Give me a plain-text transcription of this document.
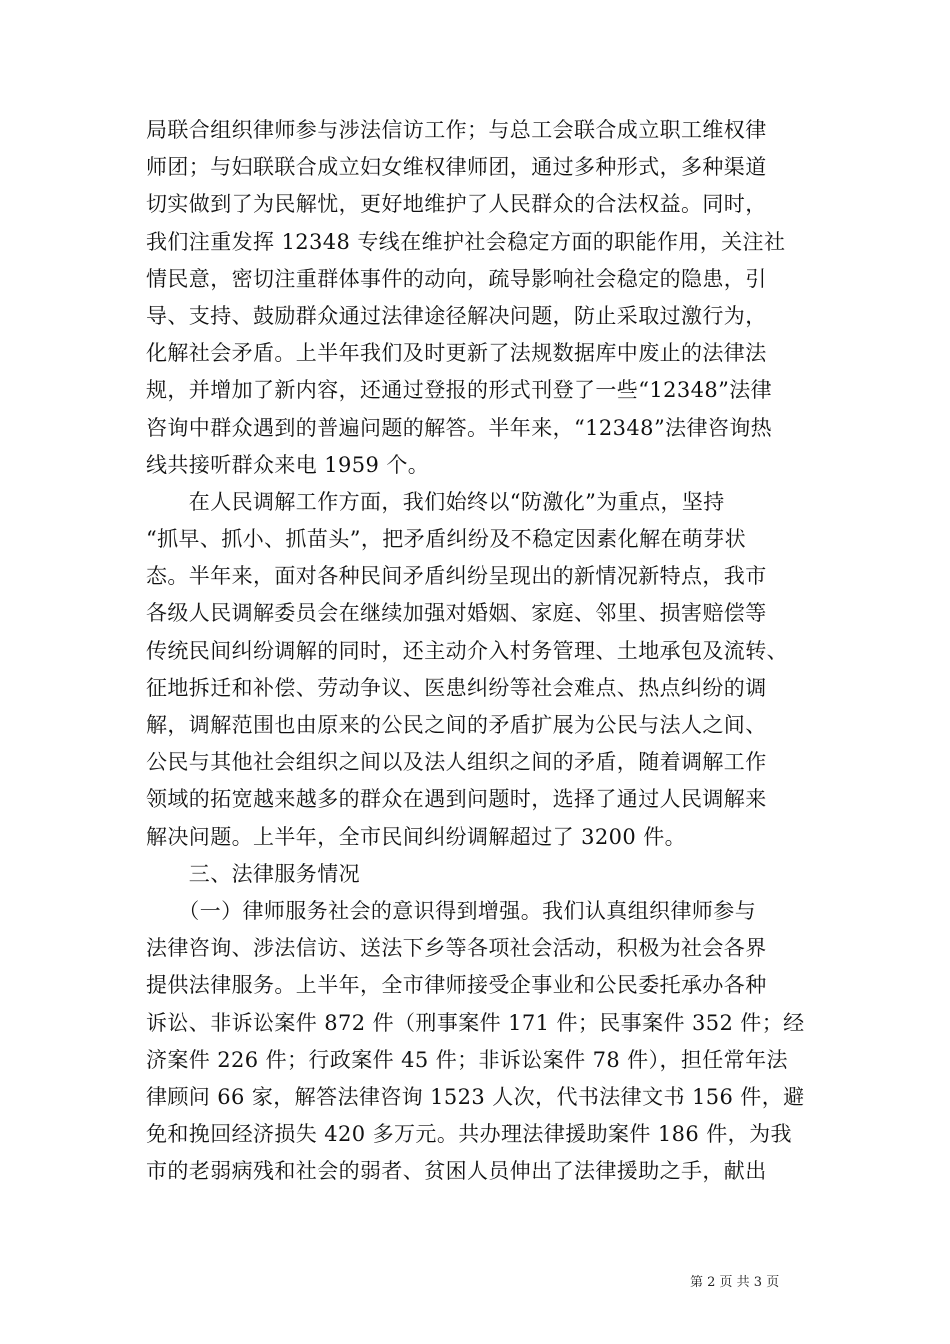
局联合组织律师参与涉法信访工作；与总工会联合成立职工维权律
师团；与妇联联合成立妇女维权律师团，通过多种形式，多种渠道
切实做到了为民解忧，更好地维护了人民群众的合法权益。同时，
我们注重发挥 12348 专线在维护社会稳定方面的职能作用，关注社
情民意，密切注重群体事件的动向，疏导影响社会稳定的隐患，引
导、支持、鼓励群众通过法律途径解决问题，防止采取过激行为，
化解社会矛盾。上半年我们及时更新了法规数据库中废止的法律法
规，并增加了新内容，还通过登报的形式刊登了一些“12348”法律
咨询中群众遇到的普遍问题的解答。半年来，“12348”法律咨询热
线共接听群众来电 1959 个。
　　在人民调解工作方面，我们始终以“防激化”为重点，坚持
“抓早、抓小、抓苗头”，把矛盾纠纷及不稳定因素化解在萌芽状
态。半年来，面对各种民间矛盾纠纷呈现出的新情况新特点，我市
各级人民调解委员会在继续加强对婚姻、家庭、邻里、损害赔偿等
传统民间纠纷调解的同时，还主动介入村务管理、土地承包及流转、
征地拆迁和补偿、劳动争议、医患纠纷等社会难点、热点纠纷的调
解，调解范围也由原来的公民之间的矛盾扩展为公民与法人之间、
公民与其他社会组织之间以及法人组织之间的矛盾，随着调解工作
领域的拓宽越来越多的群众在遇到问题时，选择了通过人民调解来
解决问题。上半年，全市民间纠纷调解超过了 3200 件。
　　三、法律服务情况
　　（一）律师服务社会的意识得到增强。我们认真组织律师参与
法律咨询、涉法信访、送法下乡等各项社会活动，积极为社会各界
提供法律服务。上半年，全市律师接受企事业和公民委托承办各种
诉讼、非诉讼案件 872 件（刑事案件 171 件；民事案件 352 件；经
济案件 226 件；行政案件 45 件；非诉讼案件 78 件），担任常年法
律顾问 66 家，解答法律咨询 1523 人次，代书法律文书 156 件，避
免和挽回经济损失 420 多万元。共办理法律援助案件 186 件，为我
市的老弱病残和社会的弱者、贫困人员伸出了法律援助之手，献出
第 2 页 共 3 页
